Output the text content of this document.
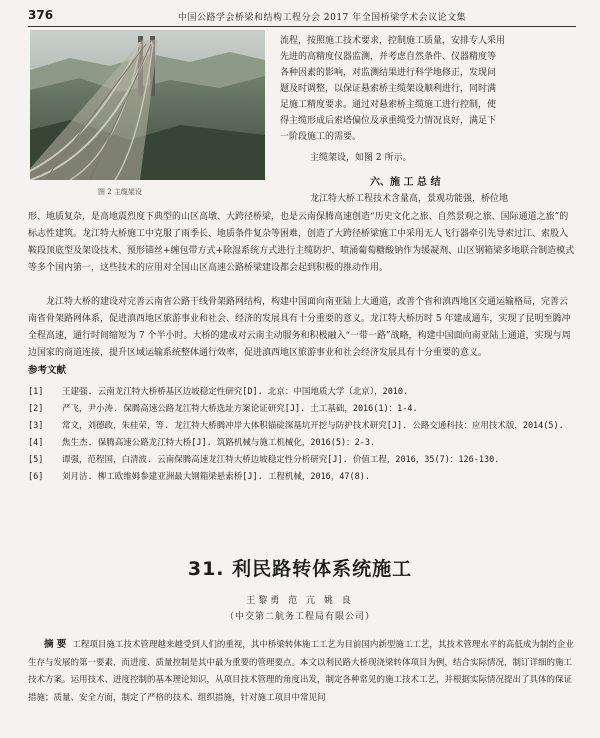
376	中国公路学会桥梁和结构工程分会 2017 年全国桥梁学术会议论文集
图 2 主缆架设

流程，按照施工技术要求，控制施工质量，安排专人采用

先进的高精度仪器监测，并考虑自然条件、仪器精度等

各种因素的影响，对监测结果进行科学地修正，发现问

题及时调整，以保证悬索桥主缆架设顺利进行，同时满

足施工精度要求。通过对悬索桥主缆施工进行控制，使

得主缆形成后索塔偏位及承重缆受力情况良好，满足下

一阶段施工的需要。

主缆架设，如图 2 所示。
六、施 工 总 结

龙江特大桥工程技术含量高，景观功能强，桥位地

形、地质复杂，是高地震烈度下典型的山区高墩、大跨径桥梁，也是云南保腾高速创造“历史文化之旅、自然景观之旅、国际通道之旅”的标志性建筑。龙江特大桥施工中克服了雨季长、地质条件复杂等困难，创造了大跨径桥梁施工中采用无人飞行器牵引先导索过江、索股入鞍段顶底型及架设技术、预形锚丝+缠包带方式+除湿系统方式进行主缆防护、喷涌葡萄糖酸钠作为缓凝剂、山区钢箱梁多地联合制造模式等多个国内第一，这些技术的应用对全国山区高速公路桥梁建设都会起到积极的推动作用。

龙江特大桥的建设对完善云南省公路干线骨架路网结构，构建中国面向南亚陆上大通道，改善个省和滇西地区交通运输格局，完善云南省骨架路网体系，促进滇西地区旅游事业和社会、经济的发展具有十分重要的意义。龙江特大桥历时 5 年建成通车，实现了昆明至腾冲全程高速，通行时间缩短为 7 个半小时。大桥的建成对云南主动服务和积极融入“一带一路”战略，构建中国面向南亚陆上通道，实现与周边国家的商道连接，提升区域运输系统整体通行效率，促进滇西地区旅游事业和社会经济发展具有十分重要的意义。

参考文献
[1]	王建强. 云南龙江特大桥桥基区边坡稳定性研究[D]. 北京：中国地质大学（北京），2010.
[2]	严飞，尹小涛. 保腾高速公路龙江特大桥选址方案论证研究[J]. 土工基础，2016(1)：1-4.
[3]	常文，刘德政，朱桂荣，等. 龙江特大桥腾冲岸大体积锚碇深基坑开挖与防护技术研究[J]. 公路交通科技：应用技术版，2014(5).
[4]	焦生杰. 保腾高速公路龙江特大桥[J]. 筑路机械与施工机械化，2016(5)：2-3.
[5]	谭强，范程国，白清波. 云南保腾高速龙江特大桥边坡稳定性分析研究[J]. 价值工程，2016，35(7)：126-130.
[6]	刘月洁. 柳工欧维姆参建亚洲最大钢箱梁悬索桥[J]. 工程机械，2016，47(8).
31. 利民路转体系统施工
王黎勇 范 亢 姚 良
（中交第二航务工程局有限公司）

摘 要 工程项目施工技术管理越来越受到人们的重视，其中桥梁转体施工工艺为目前国内新型施工工艺，其技术管理水平的高低成为制约企业生存与发展的第一要素，而进度、质量控制是其中最为重要的管理要点。本文以利民路大桥现浇梁转体项目为例，结合实际情况，制订详细的施工技术方案。运用技术、进度控制的基本理论知识，从项目技术管理的角度出发，制定各种常见的施工技术工艺，并根据实际情况提出了具体的保证措施；质量、安全方面，制定了严格的技术、组织措施，针对施工项目中常见问
